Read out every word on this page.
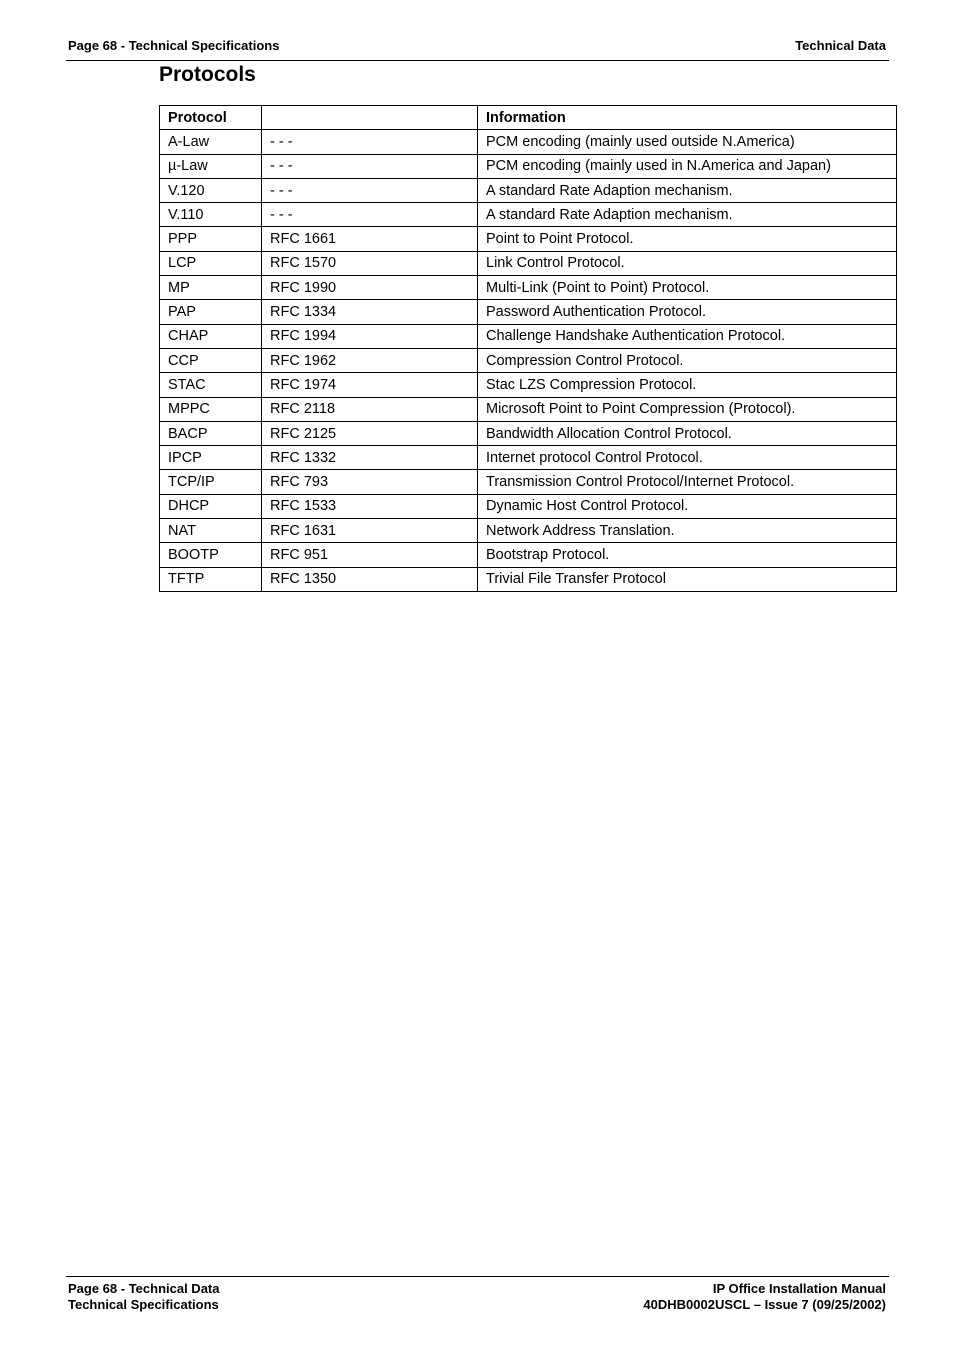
Page 68 - Technical Specifications	Technical Data
Protocols
Protocol		Information
A-Law	- - -	PCM encoding (mainly used outside N.America)
µ-Law	- - -	PCM encoding (mainly used in N.America and Japan)
V.120	- - -	A standard Rate Adaption mechanism.
V.110	- - -	A standard Rate Adaption mechanism.
PPP	RFC 1661	Point to Point Protocol.
LCP	RFC 1570	Link Control Protocol.
MP	RFC 1990	Multi-Link (Point to Point) Protocol.
PAP	RFC 1334	Password Authentication Protocol.
CHAP	RFC 1994	Challenge Handshake Authentication Protocol.
CCP	RFC 1962	Compression Control Protocol.
STAC	RFC 1974	Stac LZS Compression Protocol.
MPPC	RFC 2118	Microsoft Point to Point Compression (Protocol).
BACP	RFC 2125	Bandwidth Allocation Control Protocol.
IPCP	RFC 1332	Internet protocol Control Protocol.
TCP/IP	RFC 793	Transmission Control Protocol/Internet Protocol.
DHCP	RFC 1533	Dynamic Host Control Protocol.
NAT	RFC 1631	Network Address Translation.
BOOTP	RFC 951	Bootstrap Protocol.
TFTP	RFC 1350	Trivial File Transfer Protocol
Page 68 - Technical Data
Technical Specifications
IP Office Installation Manual
40DHB0002USCL – Issue 7 (09/25/2002)
